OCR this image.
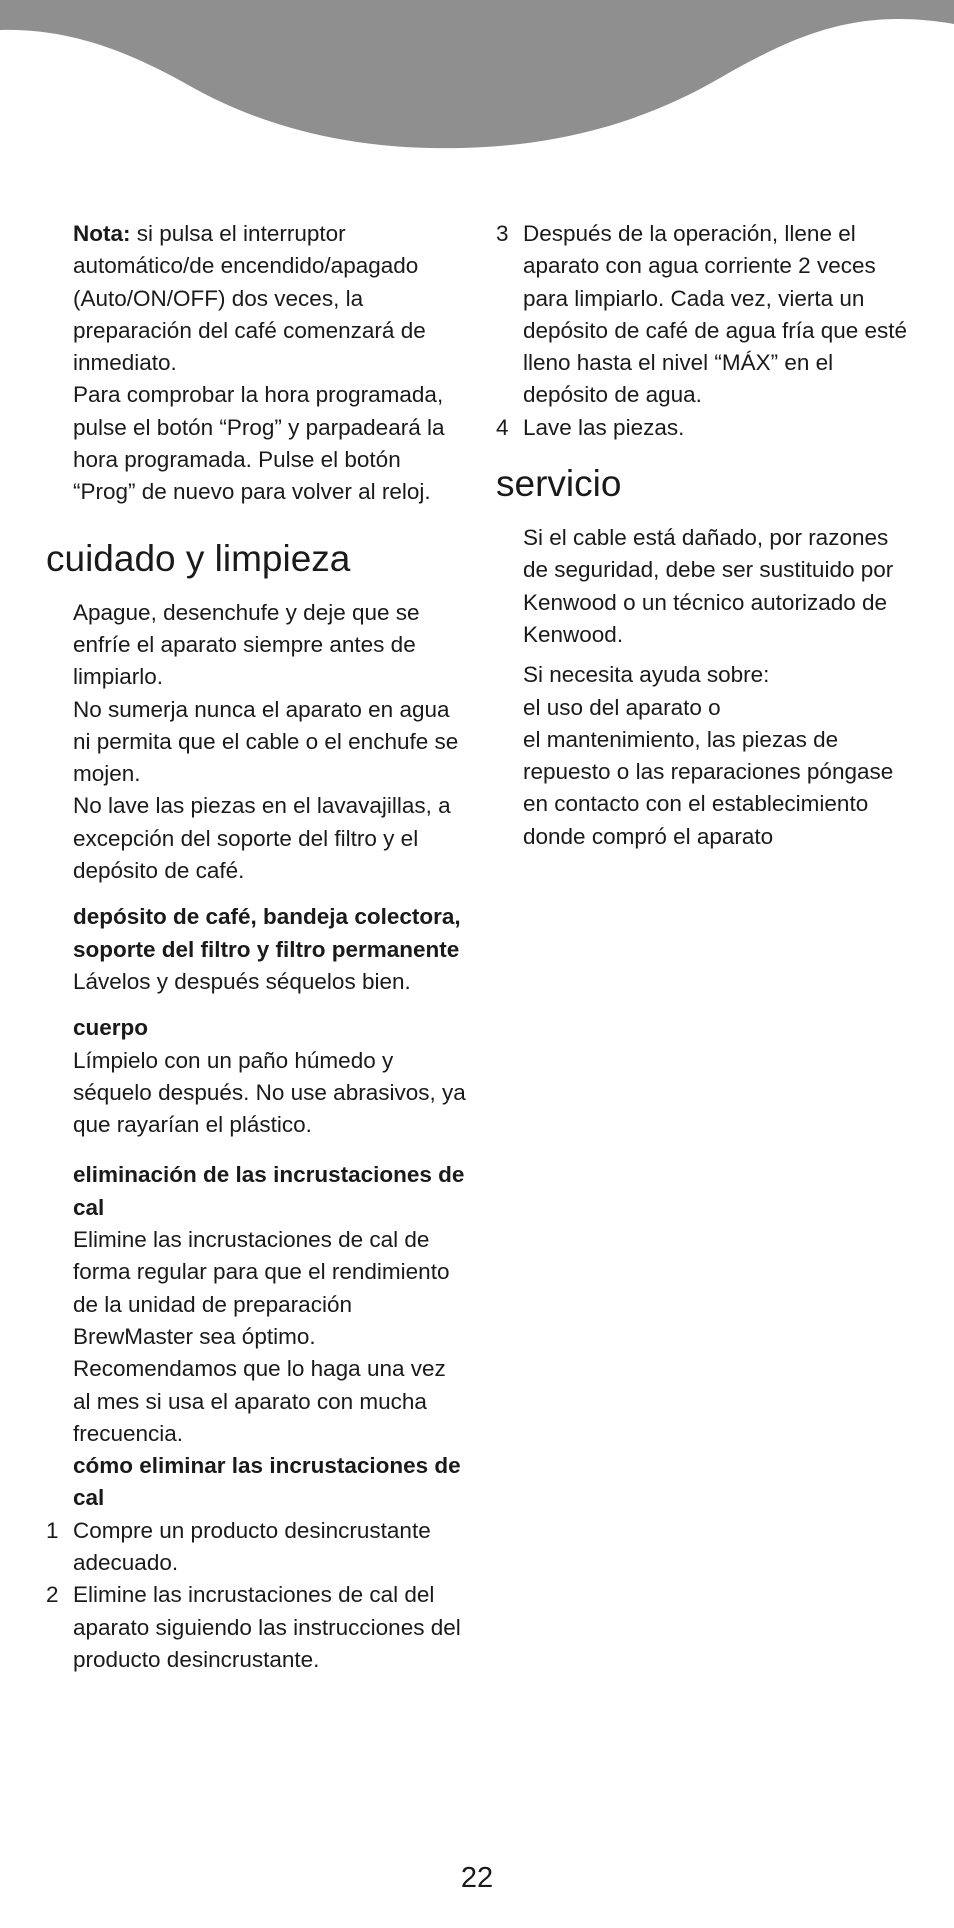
Nota: si pulsa el interruptor automático/de encendido/apagado (Auto/ON/OFF) dos veces, la preparación del café comenzará de inmediato.

Para comprobar la hora programada, pulse el botón “Prog” y parpadeará la hora programada. Pulse el botón “Prog” de nuevo para volver al reloj.

cuidado y limpieza

Apague, desenchufe y deje que se enfríe el aparato siempre antes de limpiarlo.

No sumerja nunca el aparato en agua ni permita que el cable o el enchufe se mojen.

No lave las piezas en el lavavajillas, a excepción del soporte del filtro y el depósito de café.

depósito de café, bandeja colectora, soporte del filtro y filtro permanente

Lávelos y después séquelos bien.

cuerpo

Límpielo con un paño húmedo y séquelo después. No use abrasivos, ya que rayarían el plástico.

eliminación de las incrustaciones de cal

Elimine las incrustaciones de cal de forma regular para que el rendimiento de la unidad de preparación BrewMaster sea óptimo. Recomendamos que lo haga una vez al mes si usa el aparato con mucha frecuencia.

cómo eliminar las incrustaciones de cal

1 Compre un producto desincrustante adecuado.
2 Elimine las incrustaciones de cal del aparato siguiendo las instrucciones del producto desincrustante.
3 Después de la operación, llene el aparato con agua corriente 2 veces para limpiarlo. Cada vez, vierta un depósito de café de agua fría que esté lleno hasta el nivel “MÁX” en el depósito de agua.
4 Lave las piezas.
servicio

Si el cable está dañado, por razones de seguridad, debe ser sustituido por Kenwood o un técnico autorizado de Kenwood.

Si necesita ayuda sobre:

el uso del aparato o

el mantenimiento, las piezas de repuesto o las reparaciones póngase en contacto con el establecimiento donde compró el aparato

22
